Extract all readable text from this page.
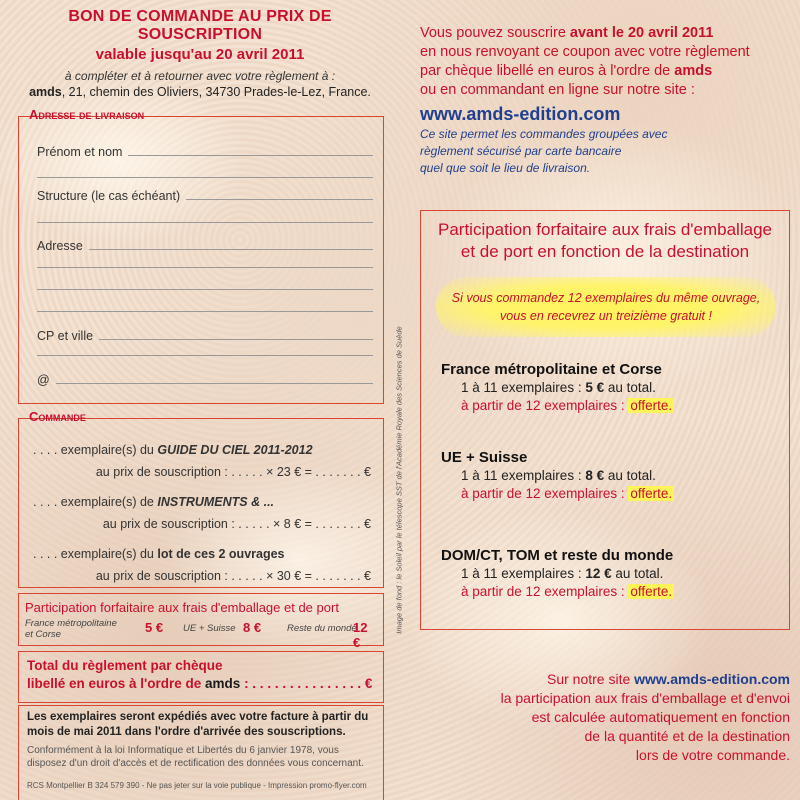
BON DE COMMANDE AU PRIX DE SOUSCRIPTION
valable jusqu'au 20 avril 2011
à compléter et à retourner avec votre règlement à :
amds, 21, chemin des Oliviers, 34730 Prades-le-Lez, France.
Adresse de livraison
Prénom et nom
Structure (le cas échéant)
Adresse
CP et ville
@
Commande
. . . . exemplaire(s) du GUIDE DU CIEL 2011-2012
au prix de souscription : . . . . . × 23 € = . . . . . . . €
. . . . exemplaire(s) de INSTRUMENTS & ...
au prix de souscription : . . . . . × 8 € = . . . . . . . €
. . . . exemplaire(s) du lot de ces 2 ouvrages
au prix de souscription : . . . . . × 30 € = . . . . . . . €
Participation forfaitaire aux frais d'emballage et de port
France métropolitaine
et Corse	5 € UE + Suisse 8 €	Reste du monde
12 €
Total du règlement par chèque
libellé en euros à l'ordre de amds : . . . . . . . . . . . . . . . €
Les exemplaires seront expédiés avec votre facture à partir du mois de mai 2011 dans l'ordre d'arrivée des souscriptions.
Conformément à la loi Informatique et Libertés du 6 janvier 1978, vous disposez d'un droit d'accès et de rectification des données vous concernant.
RCS Montpellier B 324 579 390 - Ne pas jeter sur la voie publique - Impression promo-flyer.com
Image de fond : le Soleil par le télescope SST de l'Académie Royale des Sciences de Suède
Vous pouvez souscrire avant le 20 avril 2011
en nous renvoyant ce coupon avec votre règlement
par chèque libellé en euros à l'ordre de amds
ou en commandant en ligne sur notre site :
www.amds-edition.com
Ce site permet les commandes groupées avec
règlement sécurisé par carte bancaire
quel que soit le lieu de livraison.
Participation forfaitaire aux frais d'emballage
et de port en fonction de la destination
Si vous commandez 12 exemplaires du même ouvrage,
vous en recevrez un treizième gratuit !
France métropolitaine et Corse
1 à 11 exemplaires : 5 € au total.
à partir de 12 exemplaires : offerte.
UE + Suisse
1 à 11 exemplaires : 8 € au total.
à partir de 12 exemplaires : offerte.
DOM/CT, TOM et reste du monde
1 à 11 exemplaires : 12 € au total.
à partir de 12 exemplaires : offerte.
Sur notre site www.amds-edition.com
la participation aux frais d'emballage et d'envoi
est calculée automatiquement en fonction
de la quantité et de la destination
lors de votre commande.
